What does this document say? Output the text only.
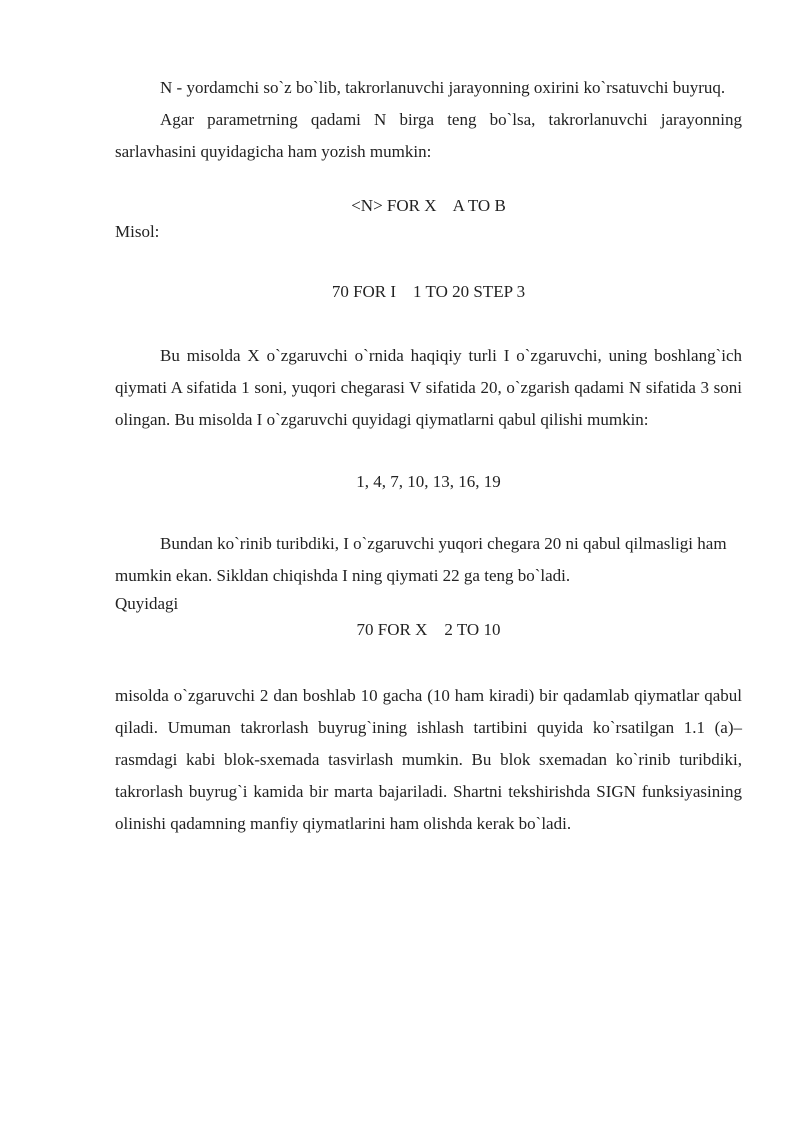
N - yordamchi so`z bo`lib, takrorlanuvchi jarayonning oxirini ko`rsatuvchi buyruq.

Agar parametrning qadami N birga teng bo`lsa, takrorlanuvchi jarayonning sarlavhasini quyidagicha ham yozish mumkin:

<N> FOR X    A TO B

Misol:

70 FOR I    1 TO 20 STEP 3

Bu misolda X o`zgaruvchi o`rnida haqiqiy turli I o`zgaruvchi, uning boshlang`ich qiymati A sifatida 1 soni, yuqori chegarasi V sifatida 20, o`zgarish qadami N sifatida 3 soni olingan. Bu misolda I o`zgaruvchi quyidagi qiymatlarni qabul qilishi mumkin:

1, 4, 7, 10, 13, 16, 19

Bundan ko`rinib turibdiki, I o`zgaruvchi yuqori chegara 20 ni qabul qilmasligi ham mumkin ekan. Sikldan chiqishda I ning qiymati 22 ga teng bo`ladi.

Quyidagi

70 FOR X    2 TO 10

misolda o`zgaruvchi 2 dan boshlab 10 gacha (10 ham kiradi) bir qadamlab qiymatlar qabul qiladi. Umuman takrorlash buyrug`ining ishlash tartibini quyida ko`rsatilgan 1.1 (a)–rasmdagi kabi blok-sxemada tasvirlash mumkin. Bu blok sxemadan ko`rinib turibdiki, takrorlash buyrug`i kamida bir marta bajariladi. Shartni tekshirishda SIGN funksiyasining olinishi qadamning manfiy qiymatlarini ham olishda kerak bo`ladi.
